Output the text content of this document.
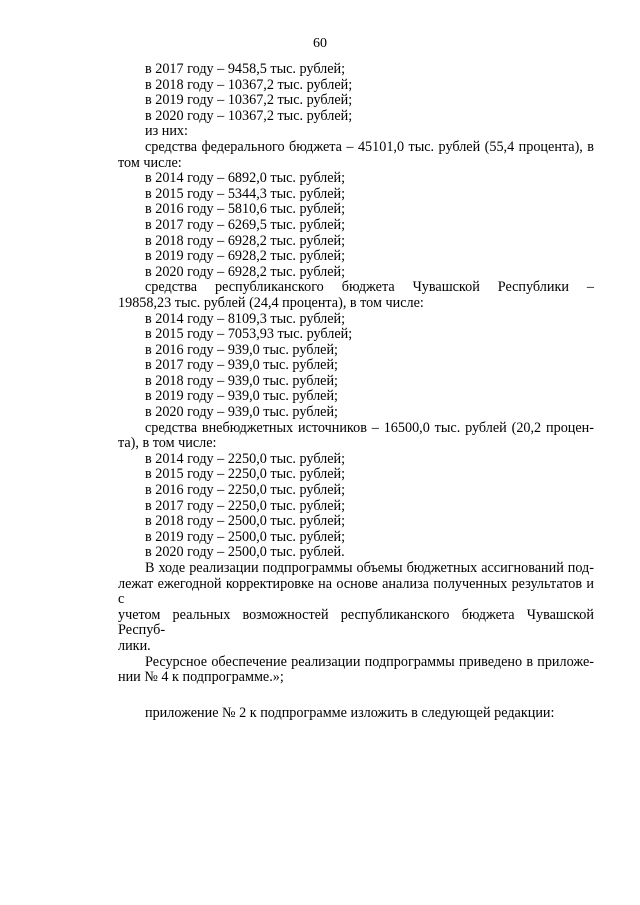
60

в 2017 году – 9458,5 тыс. рублей;

в 2018 году – 10367,2 тыс. рублей;

в 2019 году – 10367,2 тыс. рублей;

в 2020 году – 10367,2 тыс. рублей;

из них:

средства федерального бюджета – 45101,0 тыс. рублей (55,4 процента), в

том числе:

в 2014 году – 6892,0 тыс. рублей;

в 2015 году – 5344,3 тыс. рублей;

в 2016 году – 5810,6 тыс. рублей;

в 2017 году – 6269,5 тыс. рублей;

в 2018 году – 6928,2 тыс. рублей;

в 2019 году – 6928,2 тыс. рублей;

в 2020 году – 6928,2 тыс. рублей;

средства республиканского бюджета Чувашской Республики –

19858,23 тыс. рублей (24,4 процента), в том числе:

в 2014 году – 8109,3 тыс. рублей;

в 2015 году – 7053,93 тыс. рублей;

в 2016 году – 939,0 тыс. рублей;

в 2017 году – 939,0 тыс. рублей;

в 2018 году – 939,0 тыс. рублей;

в 2019 году – 939,0 тыс. рублей;

в 2020 году – 939,0 тыс. рублей;

средства внебюджетных источников – 16500,0 тыс. рублей (20,2 процен-

та), в том числе:

в 2014 году – 2250,0 тыс. рублей;

в 2015 году – 2250,0 тыс. рублей;

в 2016 году – 2250,0 тыс. рублей;

в 2017 году – 2250,0 тыс. рублей;

в 2018 году – 2500,0 тыс. рублей;

в 2019 году – 2500,0 тыс. рублей;

в 2020 году – 2500,0 тыс. рублей.

В ходе реализации подпрограммы объемы бюджетных ассигнований под-

лежат ежегодной корректировке на основе анализа полученных результатов и с

учетом реальных возможностей республиканского бюджета Чувашской Респуб-

лики.

Ресурсное обеспечение реализации подпрограммы приведено в приложе-

нии № 4 к подпрограмме.»;

приложение № 2 к подпрограмме изложить в следующей редакции:
